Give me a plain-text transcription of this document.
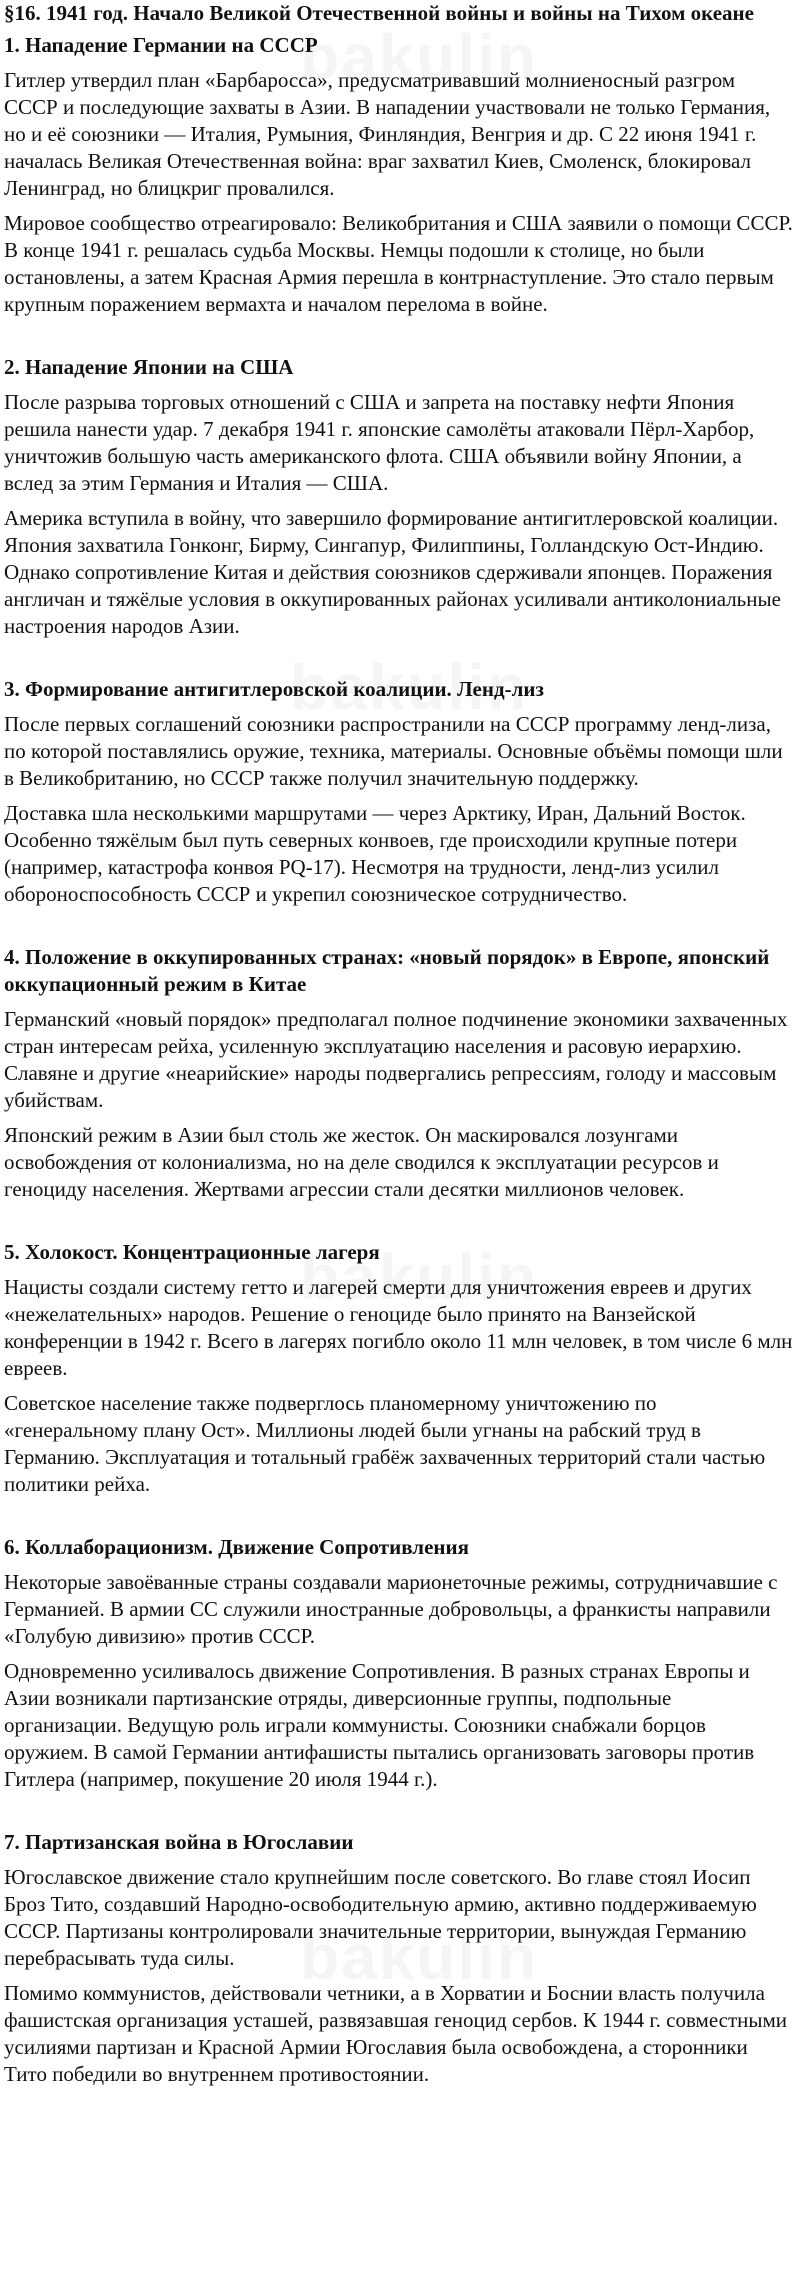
§16. 1941 год. Начало Великой Отечественной войны и войны на Тихом океане
1. Нападение Германии на СССР

Гитлер утвердил план «Барбаросса», предусматривавший молниеносный разгром СССР и последующие захваты в Азии. В нападении участвовали не только Германия, но и её союзники — Италия, Румыния, Финляндия, Венгрия и др. С 22 июня 1941 г. началась Великая Отечественная война: враг захватил Киев, Смоленск, блокировал Ленинград, но блицкриг провалился.

Мировое сообщество отреагировало: Великобритания и США заявили о помощи СССР. В конце 1941 г. решалась судьба Москвы. Немцы подошли к столице, но были остановлены, а затем Красная Армия перешла в контрнаступление. Это стало первым крупным поражением вермахта и началом перелома в войне.

2. Нападение Японии на США

После разрыва торговых отношений с США и запрета на поставку нефти Япония решила нанести удар. 7 декабря 1941 г. японские самолёты атаковали Пёрл-Харбор, уничтожив большую часть американского флота. США объявили войну Японии, а вслед за этим Германия и Италия — США.

Америка вступила в войну, что завершило формирование антигитлеровской коалиции. Япония захватила Гонконг, Бирму, Сингапур, Филиппины, Голландскую Ост-Индию. Однако сопротивление Китая и действия союзников сдерживали японцев. Поражения англичан и тяжёлые условия в оккупированных районах усиливали антиколониальные настроения народов Азии.

3. Формирование антигитлеровской коалиции. Ленд-лиз

После первых соглашений союзники распространили на СССР программу ленд-лиза, по которой поставлялись оружие, техника, материалы. Основные объёмы помощи шли в Великобританию, но СССР также получил значительную поддержку.

Доставка шла несколькими маршрутами — через Арктику, Иран, Дальний Восток. Особенно тяжёлым был путь северных конвоев, где происходили крупные потери (например, катастрофа конвоя PQ-17). Несмотря на трудности, ленд-лиз усилил обороноспособность СССР и укрепил союзническое сотрудничество.

4. Положение в оккупированных странах: «новый порядок» в Европе, японский оккупационный режим в Китае

Германский «новый порядок» предполагал полное подчинение экономики захваченных стран интересам рейха, усиленную эксплуатацию населения и расовую иерархию. Славяне и другие «неарийские» народы подвергались репрессиям, голоду и массовым убийствам.

Японский режим в Азии был столь же жесток. Он маскировался лозунгами освобождения от колониализма, но на деле сводился к эксплуатации ресурсов и геноциду населения. Жертвами агрессии стали десятки миллионов человек.

5. Холокост. Концентрационные лагеря

Нацисты создали систему гетто и лагерей смерти для уничтожения евреев и других «нежелательных» народов. Решение о геноциде было принято на Ванзейской конференции в 1942 г. Всего в лагерях погибло около 11 млн человек, в том числе 6 млн евреев.

Советское население также подверглось планомерному уничтожению по «генеральному плану Ост». Миллионы людей были угнаны на рабский труд в Германию. Эксплуатация и тотальный грабёж захваченных территорий стали частью политики рейха.

6. Коллаборационизм. Движение Сопротивления

Некоторые завоёванные страны создавали марионеточные режимы, сотрудничавшие с Германией. В армии СС служили иностранные добровольцы, а франкисты направили «Голубую дивизию» против СССР.

Одновременно усиливалось движение Сопротивления. В разных странах Европы и Азии возникали партизанские отряды, диверсионные группы, подпольные организации. Ведущую роль играли коммунисты. Союзники снабжали борцов оружием. В самой Германии антифашисты пытались организовать заговоры против Гитлера (например, покушение 20 июля 1944 г.).

7. Партизанская война в Югославии

Югославское движение стало крупнейшим после советского. Во главе стоял Иосип Броз Тито, создавший Народно-освободительную армию, активно поддерживаемую СССР. Партизаны контролировали значительные территории, вынуждая Германию перебрасывать туда силы.

Помимо коммунистов, действовали четники, а в Хорватии и Боснии власть получила фашистская организация усташей, развязавшая геноцид сербов. К 1944 г. совместными усилиями партизан и Красной Армии Югославия была освобождена, а сторонники Тито победили во внутреннем противостоянии.
